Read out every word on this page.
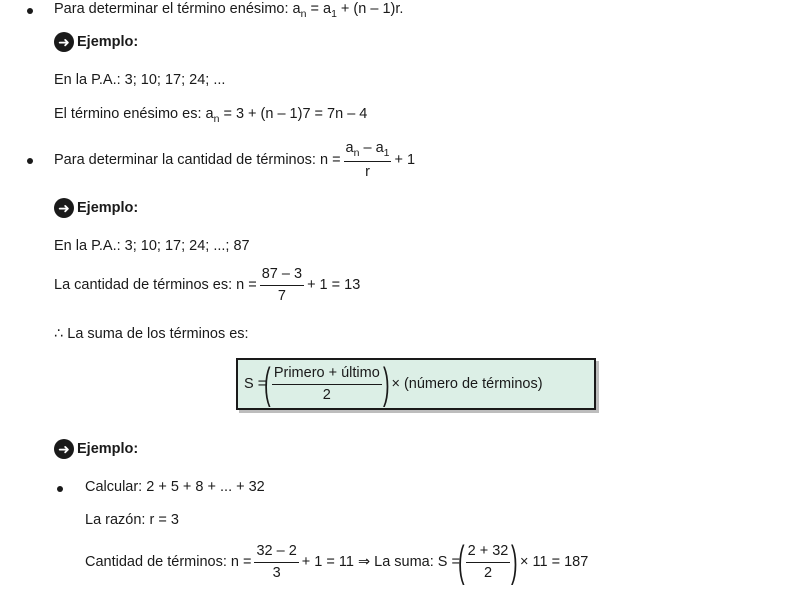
Para determinar el término enésimo: $a_n = a_1 + (n - 1)r$.
➜ Ejemplo:
En la P.A.: 3; 10; 17; 24; ...
El término enésimo es: $a_n = 3 + (n - 1)7 = 7n - 4$
Para determinar la cantidad de términos: $n = \frac{a_n - a_1}{r} + 1$
➜ Ejemplo:
En la P.A.: 3; 10; 17; 24; ...; 87
La cantidad de términos es: $n = \frac{87 - 3}{7} + 1 = 13$
∴ La suma de los términos es:
S =
( $\frac{\text{Primero + último}}{2}$ ) × (número de términos)
➜ Ejemplo:
Calcular: 2 + 5 + 8 + ... + 32
La razón: r = 3
Cantidad de términos: $n = \frac{32 - 2}{3} + 1 = 11$ ⇒ La suma: S =
( $\frac{2 + 32}{2}$ ) × 11 = 187
